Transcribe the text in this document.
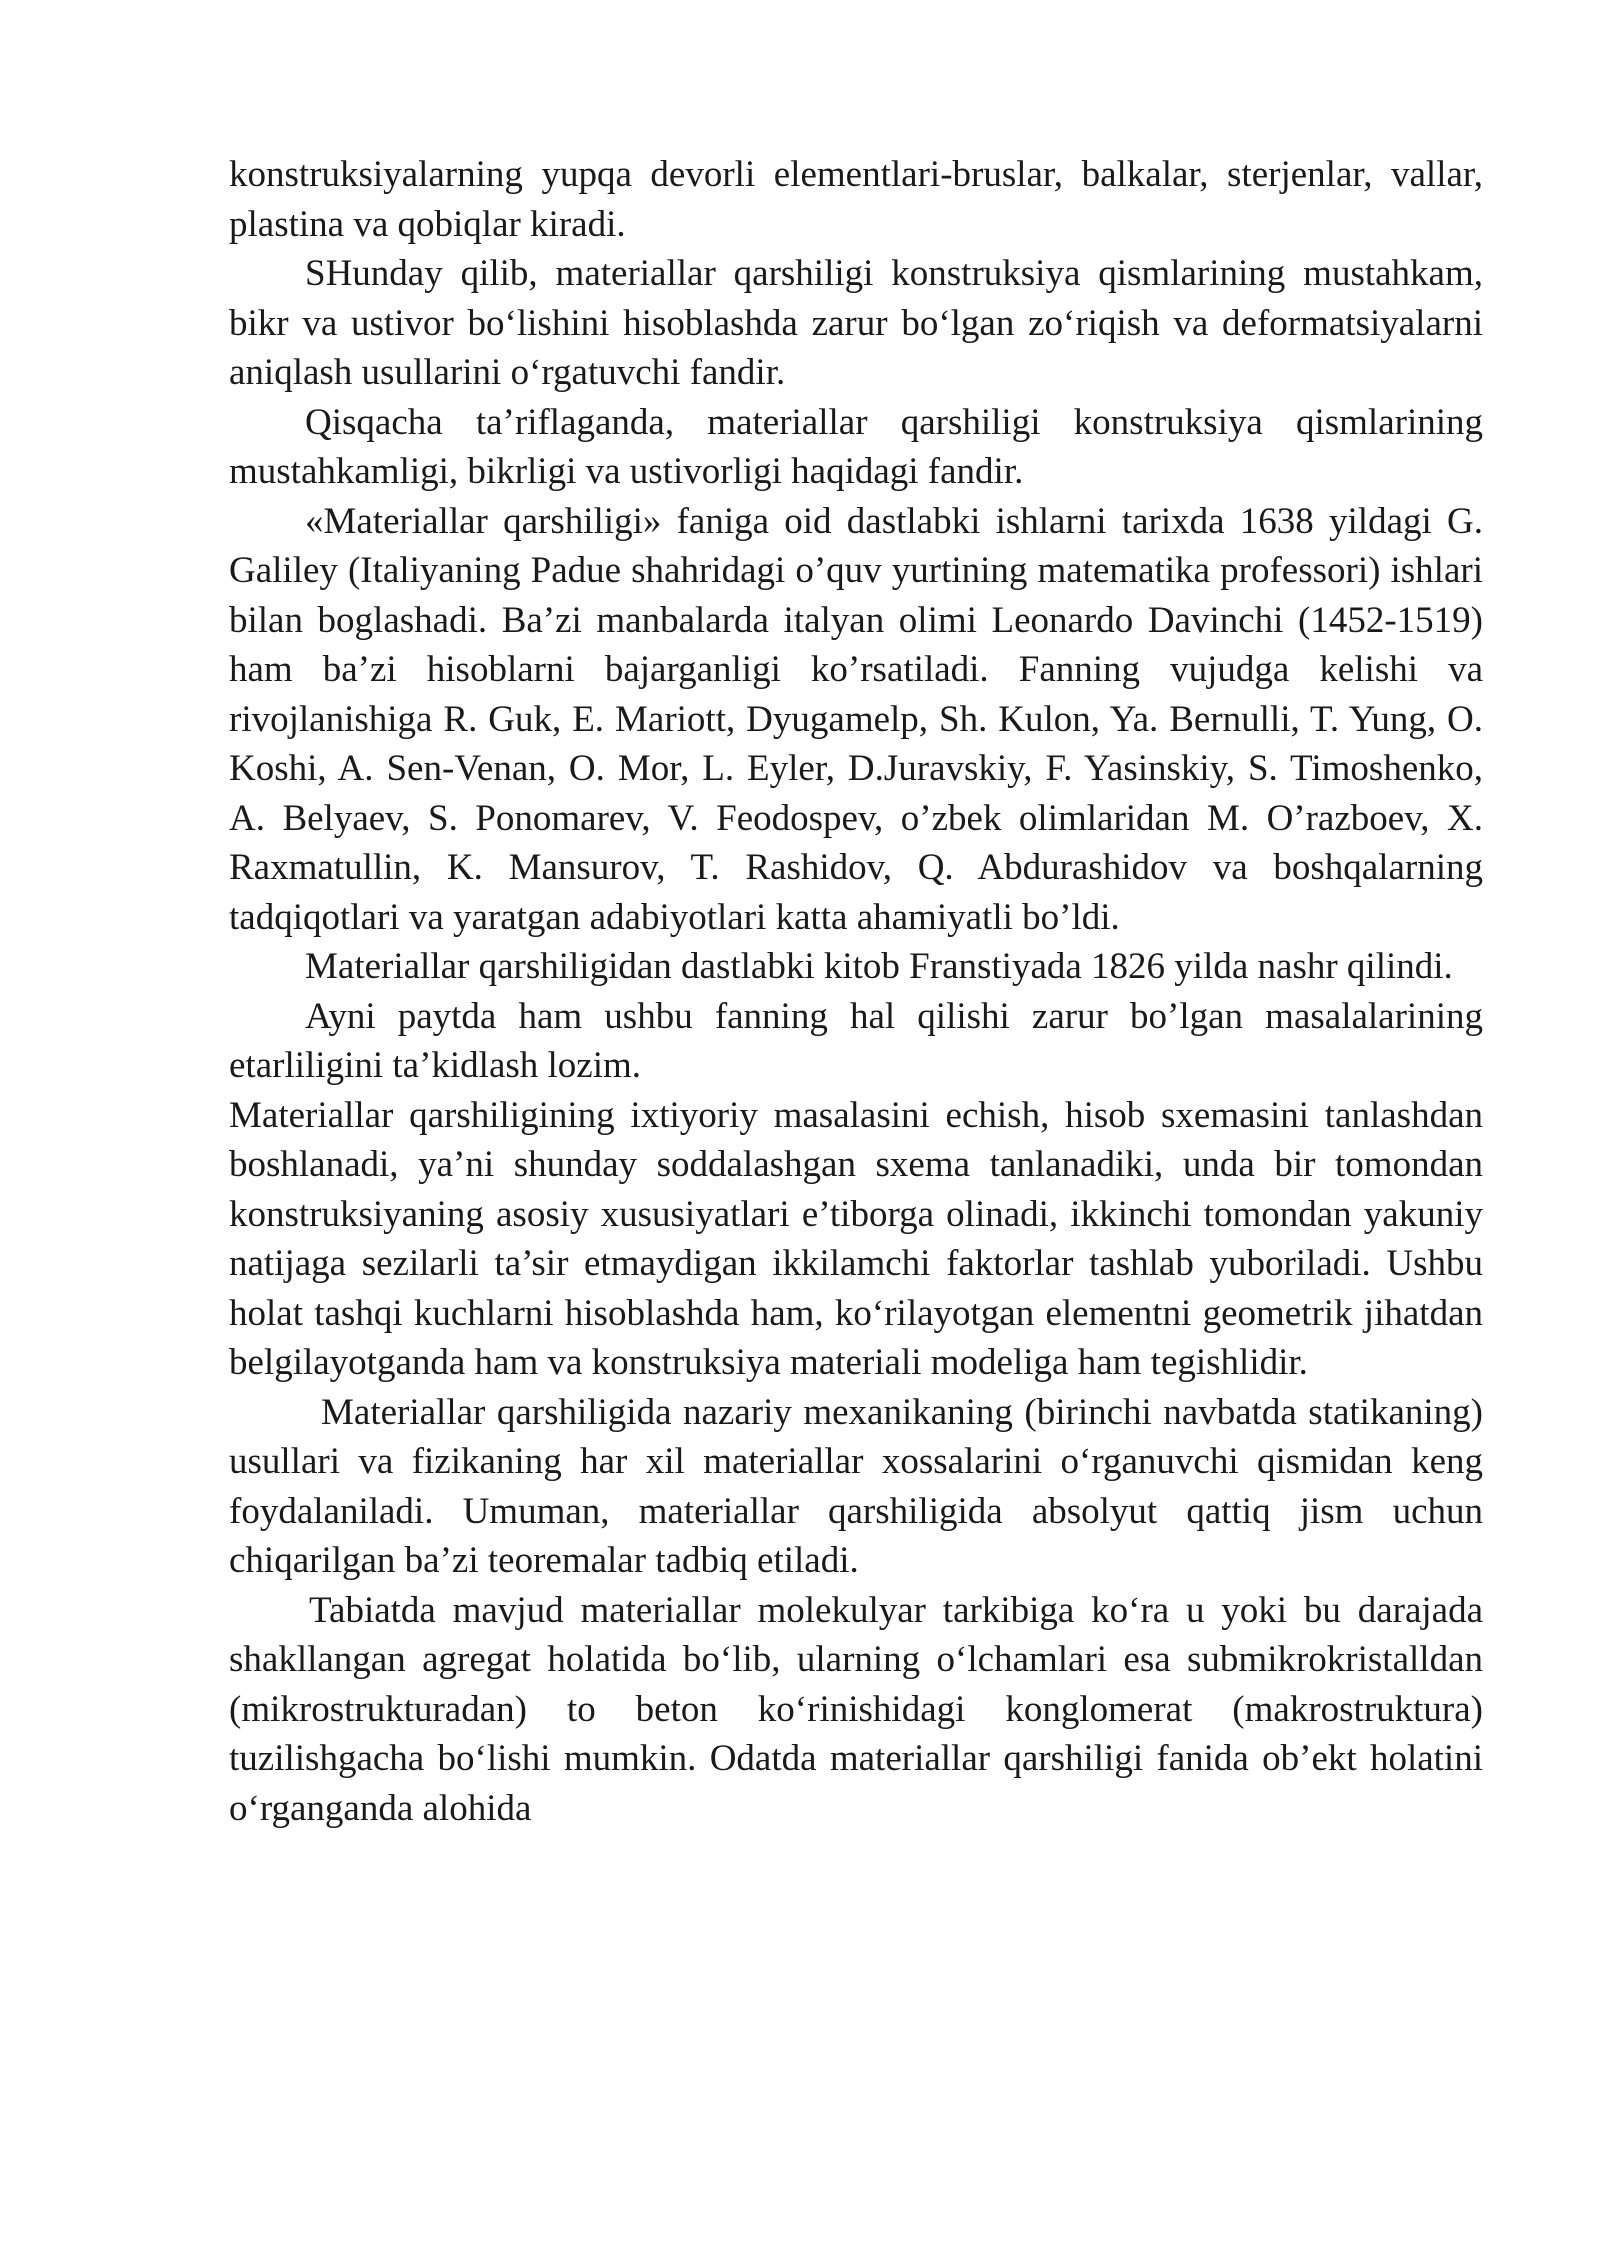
konstruksiyalarning yupqa devorli elementlari-bruslar, balkalar, sterjenlar, vallar, plastina va qobiqlar kiradi.

SHunday qilib, materiallar qarshiligi konstruksiya qismlarining mustahkam, bikr va ustivor bo‘lishini hisoblashda zarur bo‘lgan zo‘riqish va deformatsiyalarni aniqlash usullarini o‘rgatuvchi fandir.

Qisqacha ta’riflaganda, materiallar qarshiligi konstruksiya qismlarining mustahkamligi, bikrligi va ustivorligi haqidagi fandir.

«Materiallar qarshiligi» faniga oid dastlabki ishlarni tarixda 1638 yildagi G. Galiley (Italiyaning Padue shahridagi o’quv yurtining matematika professori) ishlari bilan boglashadi. Ba’zi manbalarda italyan olimi Leonardo Davinchi (1452-1519) ham ba’zi hisoblarni bajarganligi ko’rsatiladi. Fanning vujudga kelishi va rivojlanishiga R. Guk, E. Mariott, Dyugamelp, Sh. Kulon, Ya. Bernulli, T. Yung, O. Koshi, A. Sen-Venan, O. Mor, L. Eyler, D.Juravskiy, F. Yasinskiy, S. Timoshenko, A. Belyaev, S. Ponomarev, V. Feodospev, o’zbek olimlaridan M. O’razboev, X. Raxmatullin, K. Mansurov, T. Rashidov, Q. Abdurashidov va boshqalarning tadqiqotlari va yaratgan adabiyotlari katta ahamiyatli bo’ldi.

Materiallar qarshiligidan dastlabki kitob Franstiyada 1826 yilda nashr qilindi.

Ayni paytda ham ushbu fanning hal qilishi zarur bo’lgan masalalarining etarliligini ta’kidlash lozim.

Materiallar qarshiligining ixtiyoriy masalasini echish, hisob sxemasini tanlashdan boshlanadi, ya’ni shunday soddalashgan sxema tanlanadiki, unda bir tomondan konstruksiyaning asosiy xususiyatlari e’tiborga olinadi, ikkinchi tomondan yakuniy natijaga sezilarli ta’sir etmaydigan ikkilamchi faktorlar tashlab yuboriladi. Ushbu holat tashqi kuchlarni hisoblashda ham, ko‘rilayotgan elementni geometrik jihatdan belgilayotganda ham va konstruksiya materiali modeliga ham tegishlidir.

Materiallar qarshiligida nazariy mexanikaning (birinchi navbatda statikaning) usullari va fizikaning har xil materiallar xossalarini o‘rganuvchi qismidan keng foydalaniladi. Umuman, materiallar qarshiligida absolyut qattiq jism uchun chiqarilgan ba’zi teoremalar tadbiq etiladi.

Tabiatda mavjud materiallar molekulyar tarkibiga ko‘ra u yoki bu darajada shakllangan agregat holatida bo‘lib, ularning o‘lchamlari esa submikrokristalldan (mikrostrukturadan) to beton ko‘rinishidagi konglomerat (makrostruktura) tuzilishgacha bo‘lishi mumkin. Odatda materiallar qarshiligi fanida ob’ekt holatini o‘rganganda alohida
